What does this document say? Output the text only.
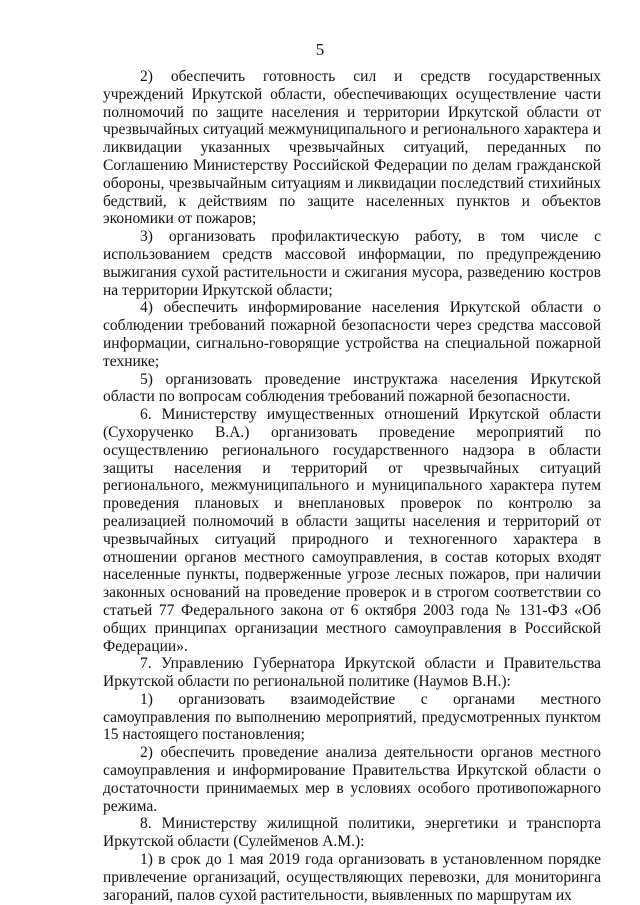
5

2) обеспечить готовность сил и средств государственных учреждений Иркутской области, обеспечивающих осуществление части полномочий по защите населения и территории Иркутской области от чрезвычайных ситуаций межмуниципального и регионального характера и ликвидации указанных чрезвычайных ситуаций, переданных по Соглашению Министерству Российской Федерации по делам гражданской обороны, чрезвычайным ситуациям и ликвидации последствий стихийных бедствий, к действиям по защите населенных пунктов и объектов экономики от пожаров;

3) организовать профилактическую работу, в том числе с использованием средств массовой информации, по предупреждению выжигания сухой растительности и сжигания мусора, разведению костров на территории Иркутской области;

4) обеспечить информирование населения Иркутской области о соблюдении требований пожарной безопасности через средства массовой информации, сигнально-говорящие устройства на специальной пожарной технике;

5) организовать проведение инструктажа населения Иркутской области по вопросам соблюдения требований пожарной безопасности.

6. Министерству имущественных отношений Иркутской области (Сухорученко В.А.) организовать проведение мероприятий по осуществлению регионального государственного надзора в области защиты населения и территорий от чрезвычайных ситуаций регионального, межмуниципального и муниципального характера путем проведения плановых и внеплановых проверок по контролю за реализацией полномочий в области защиты населения и территорий от чрезвычайных ситуаций природного и техногенного характера в отношении органов местного самоуправления, в состав которых входят населенные пункты, подверженные угрозе лесных пожаров, при наличии законных оснований на проведение проверок и в строгом соответствии со статьей 77 Федерального закона от 6 октября 2003 года № 131-ФЗ «Об общих принципах организации местного самоуправления в Российской Федерации».

7. Управлению Губернатора Иркутской области и Правительства Иркутской области по региональной политике (Наумов В.Н.):

1) организовать взаимодействие с органами местного самоуправления по выполнению мероприятий, предусмотренных пунктом 15 настоящего постановления;

2) обеспечить проведение анализа деятельности органов местного самоуправления и информирование Правительства Иркутской области о достаточности принимаемых мер в условиях особого противопожарного режима.

8. Министерству жилищной политики, энергетики и транспорта Иркутской области (Сулейменов А.М.):

1) в срок до 1 мая 2019 года организовать в установленном порядке привлечение организаций, осуществляющих перевозки, для мониторинга загораний, палов сухой растительности, выявленных по маршрутам их
